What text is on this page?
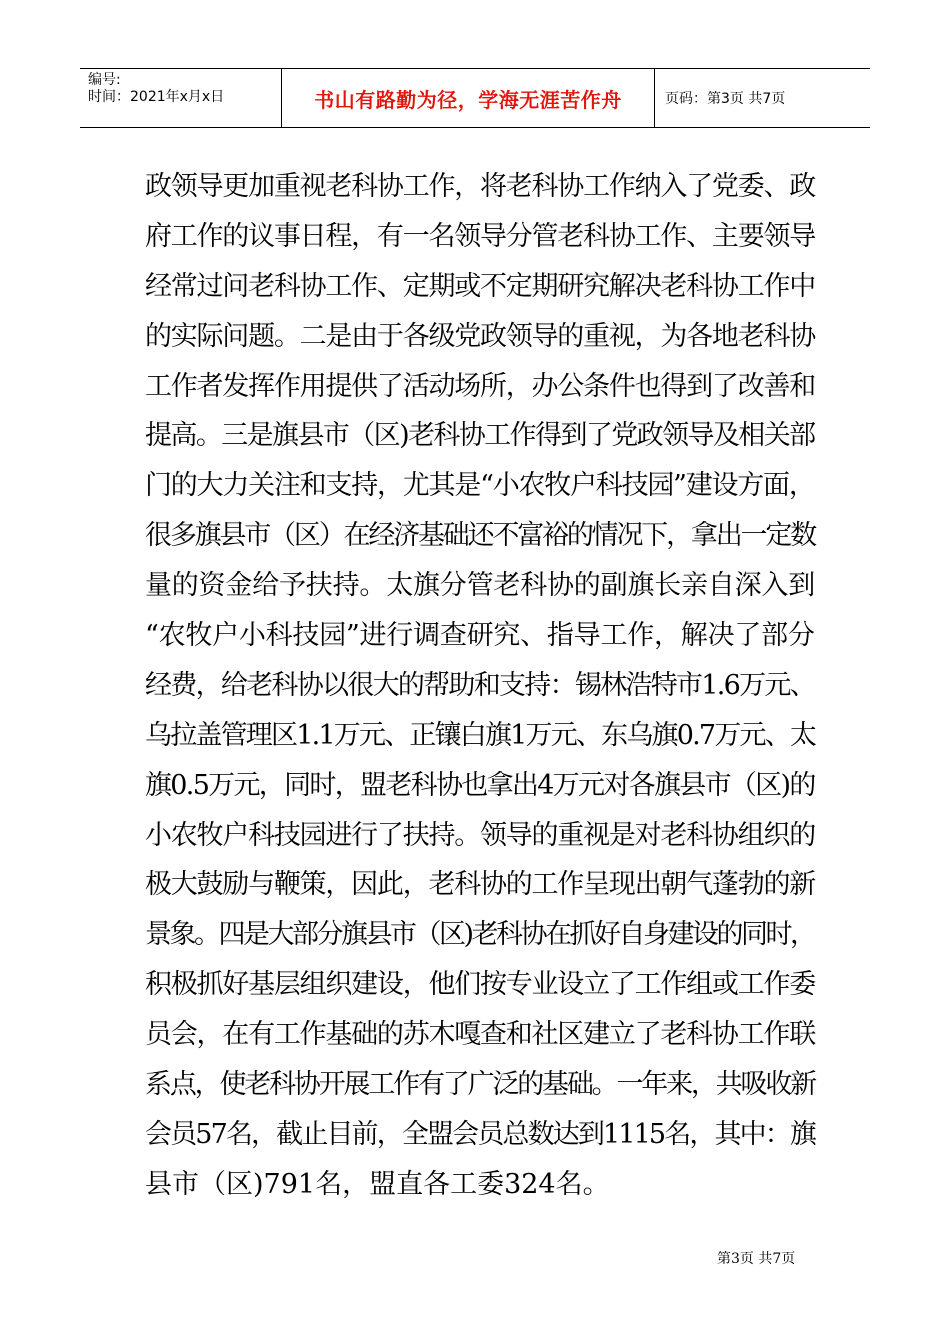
编号:
时间：2021年x月x日	书山有路勤为径，学海无涯苦作舟	页码：第3页 共7页
政领导更加重视老科协工作，将老科协工作纳入了党委、政
府工作的议事日程，有一名领导分管老科协工作、主要领导
经常过问老科协工作、定期或不定期研究解决老科协工作中
的实际问题。二是由于各级党政领导的重视，为各地老科协
工作者发挥作用提供了活动场所，办公条件也得到了改善和
提高。三是旗县市（区)老科协工作得到了党政领导及相关部
门的大力关注和支持，尤其是“小农牧户科技园”建设方面，
很多旗县市（区）在经济基础还不富裕的情况下，拿出一定数
量的资金给予扶持。太旗分管老科协的副旗长亲自深入到
“农牧户小科技园”进行调查研究、指导工作，解决了部分
经费，给老科协以很大的帮助和支持：锡林浩特市1.6万元、
乌拉盖管理区1.1万元、正镶白旗1万元、东乌旗0.7万元、太
旗0.5万元，同时，盟老科协也拿出4万元对各旗县市（区)的
小农牧户科技园进行了扶持。领导的重视是对老科协组织的
极大鼓励与鞭策，因此，老科协的工作呈现出朝气蓬勃的新
景象。四是大部分旗县市（区)老科协在抓好自身建设的同时，
积极抓好基层组织建设，他们按专业设立了工作组或工作委
员会，在有工作基础的苏木嘎查和社区建立了老科协工作联
系点，使老科协开展工作有了广泛的基础。一年来，共吸收新
会员57名，截止目前，全盟会员总数达到1115名，其中：旗
县市（区)791名，盟直各工委324名。
第3页 共7页
